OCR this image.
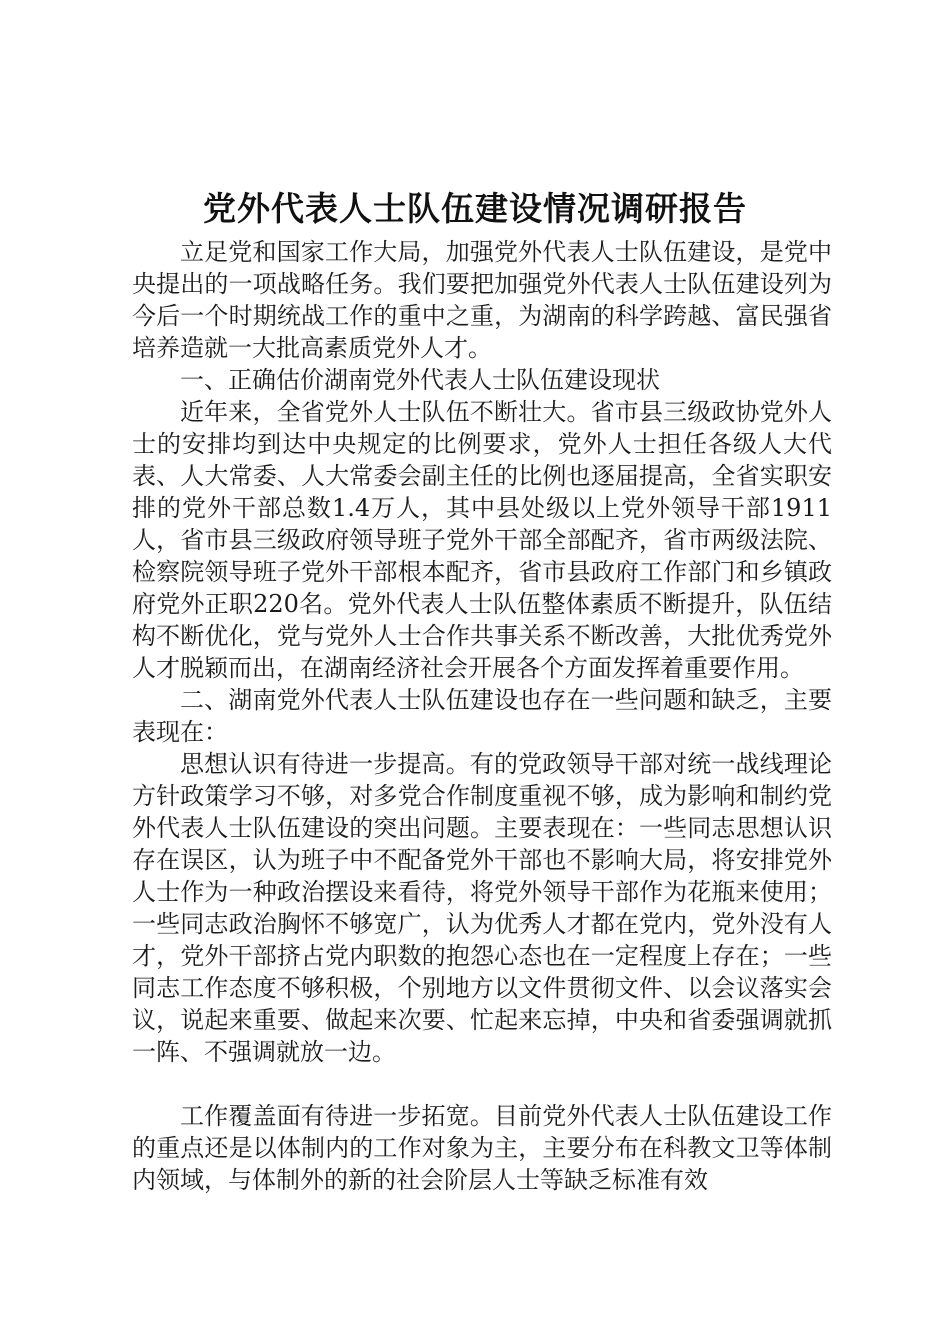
党外代表人士队伍建设情况调研报告

立足党和国家工作大局，加强党外代表人士队伍建设，是党中央提出的一项战略任务。我们要把加强党外代表人士队伍建设列为今后一个时期统战工作的重中之重，为湖南的科学跨越、富民强省培养造就一大批高素质党外人才。

一、正确估价湖南党外代表人士队伍建设现状

近年来，全省党外人士队伍不断壮大。省市县三级政协党外人士的安排均到达中央规定的比例要求，党外人士担任各级人大代表、人大常委、人大常委会副主任的比例也逐届提高，全省实职安排的党外干部总数1.4万人，其中县处级以上党外领导干部1911人，省市县三级政府领导班子党外干部全部配齐，省市两级法院、检察院领导班子党外干部根本配齐，省市县政府工作部门和乡镇政府党外正职220名。党外代表人士队伍整体素质不断提升，队伍结构不断优化，党与党外人士合作共事关系不断改善，大批优秀党外人才脱颖而出，在湖南经济社会开展各个方面发挥着重要作用。

二、湖南党外代表人士队伍建设也存在一些问题和缺乏，主要表现在：

思想认识有待进一步提高。有的党政领导干部对统一战线理论方针政策学习不够，对多党合作制度重视不够，成为影响和制约党外代表人士队伍建设的突出问题。主要表现在：一些同志思想认识存在误区，认为班子中不配备党外干部也不影响大局，将安排党外人士作为一种政治摆设来看待，将党外领导干部作为花瓶来使用；一些同志政治胸怀不够宽广，认为优秀人才都在党内，党外没有人才，党外干部挤占党内职数的抱怨心态也在一定程度上存在；一些同志工作态度不够积极，个别地方以文件贯彻文件、以会议落实会议，说起来重要、做起来次要、忙起来忘掉，中央和省委强调就抓一阵、不强调就放一边。

工作覆盖面有待进一步拓宽。目前党外代表人士队伍建设工作的重点还是以体制内的工作对象为主，主要分布在科教文卫等体制内领域，与体制外的新的社会阶层人士等缺乏标准有效
